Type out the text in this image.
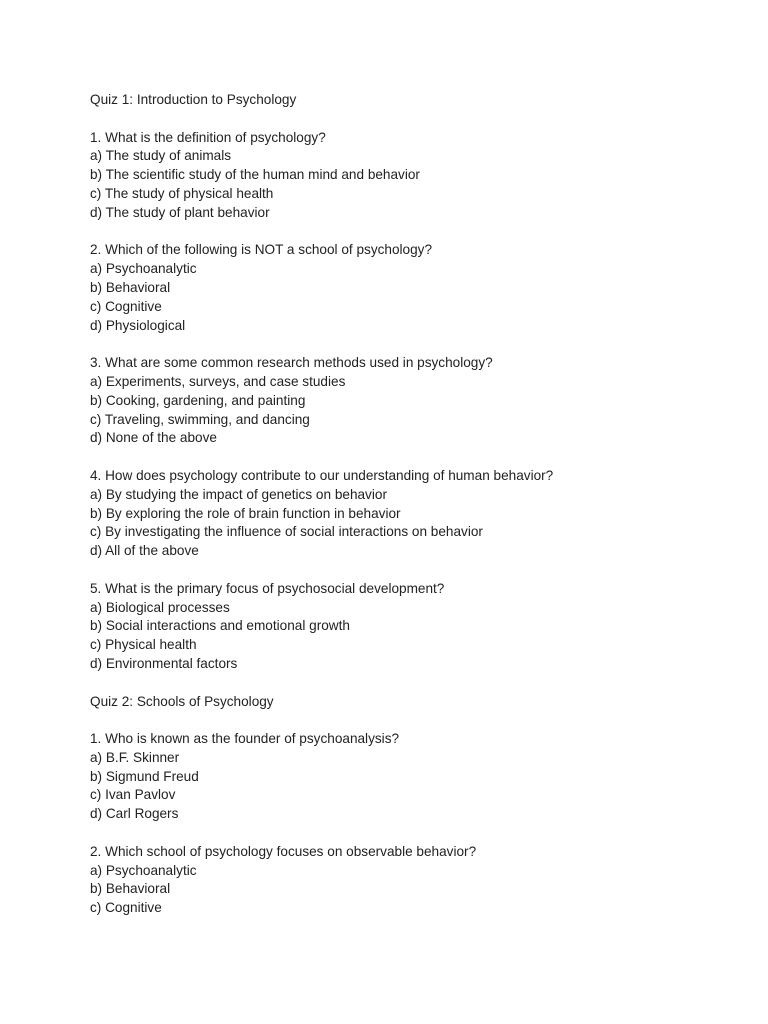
Quiz 1: Introduction to Psychology
1. What is the definition of psychology?
a) The study of animals
b) The scientific study of the human mind and behavior
c) The study of physical health
d) The study of plant behavior
2. Which of the following is NOT a school of psychology?
a) Psychoanalytic
b) Behavioral
c) Cognitive
d) Physiological
3. What are some common research methods used in psychology?
a) Experiments, surveys, and case studies
b) Cooking, gardening, and painting
c) Traveling, swimming, and dancing
d) None of the above
4. How does psychology contribute to our understanding of human behavior?
a) By studying the impact of genetics on behavior
b) By exploring the role of brain function in behavior
c) By investigating the influence of social interactions on behavior
d) All of the above
5. What is the primary focus of psychosocial development?
a) Biological processes
b) Social interactions and emotional growth
c) Physical health
d) Environmental factors
Quiz 2: Schools of Psychology
1. Who is known as the founder of psychoanalysis?
a) B.F. Skinner
b) Sigmund Freud
c) Ivan Pavlov
d) Carl Rogers
2. Which school of psychology focuses on observable behavior?
a) Psychoanalytic
b) Behavioral
c) Cognitive
